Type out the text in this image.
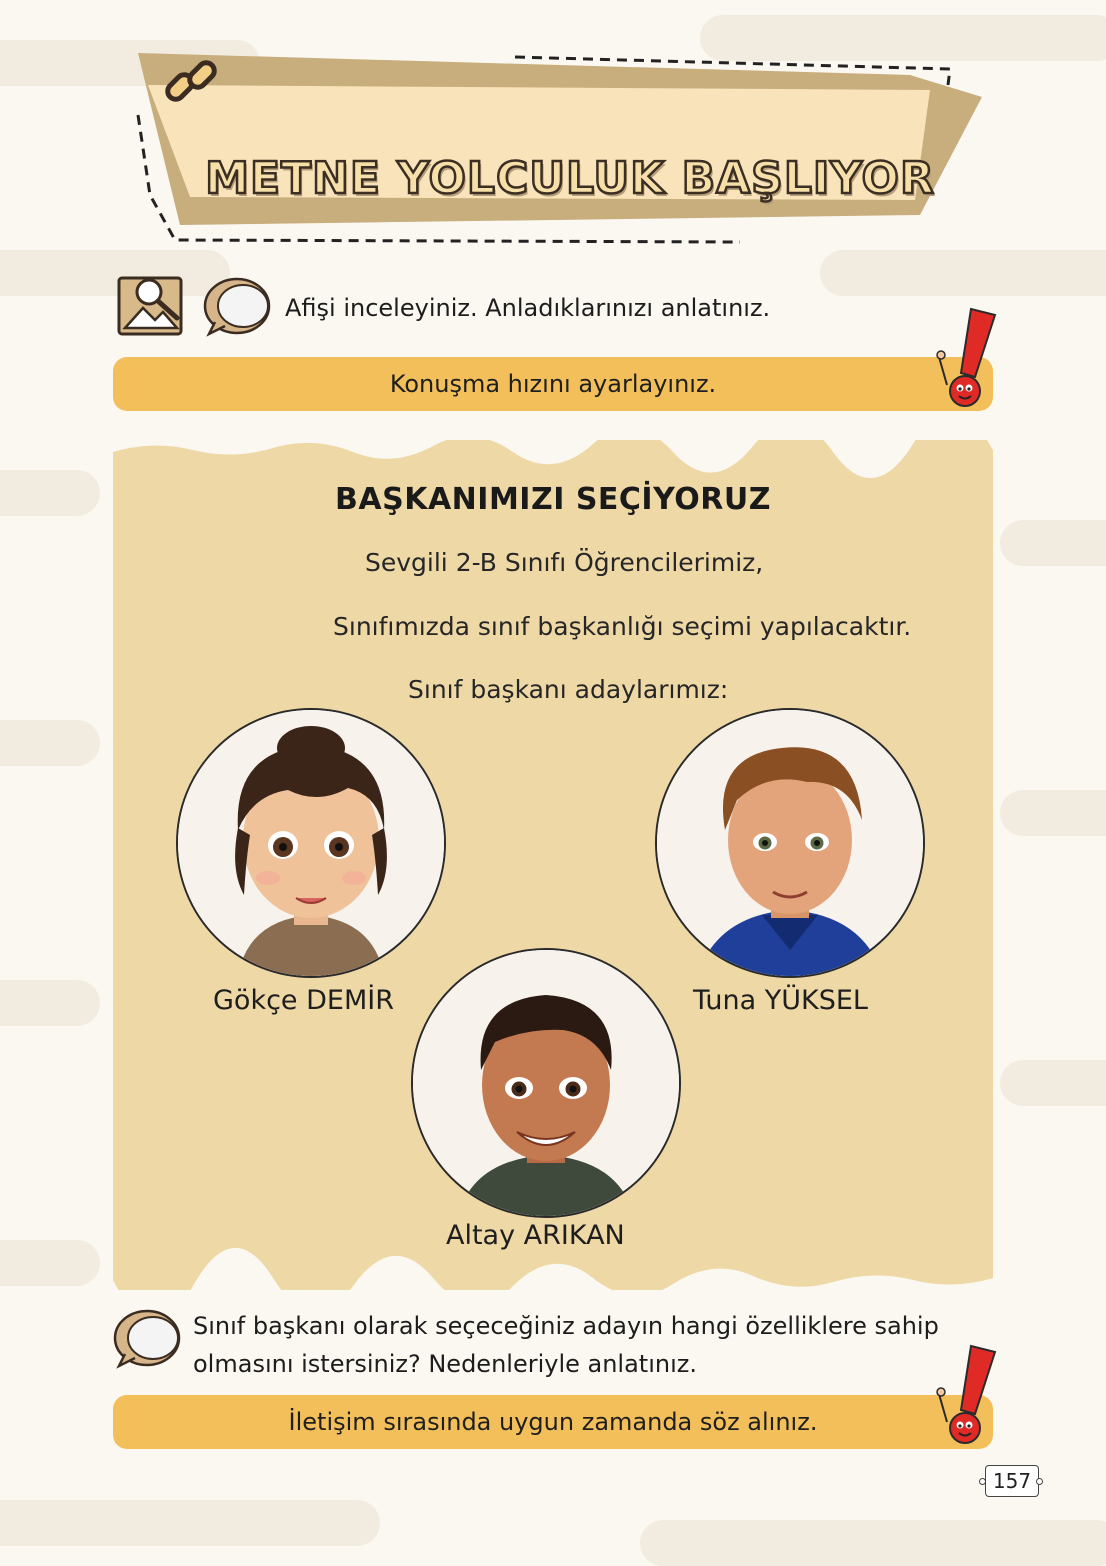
METNE YOLCULUK BAŞLIYOR
Afişi inceleyiniz. Anladıklarınızı anlatınız.
Konuşma hızını ayarlayınız.
BAŞKANIMIZI SEÇİYORUZ
Sevgili 2-B Sınıfı Öğrencilerimiz,
Sınıfımızda sınıf başkanlığı seçimi yapılacaktır.
Sınıf başkanı adaylarımız:
Gökçe DEMİR	Tuna YÜKSEL
Altay ARIKAN
Sınıf başkanı olarak seçeceğiniz adayın hangi özelliklere sahip
olmasını istersiniz? Nedenleriyle anlatınız.
İletişim sırasında uygun zamanda söz alınız.
157
